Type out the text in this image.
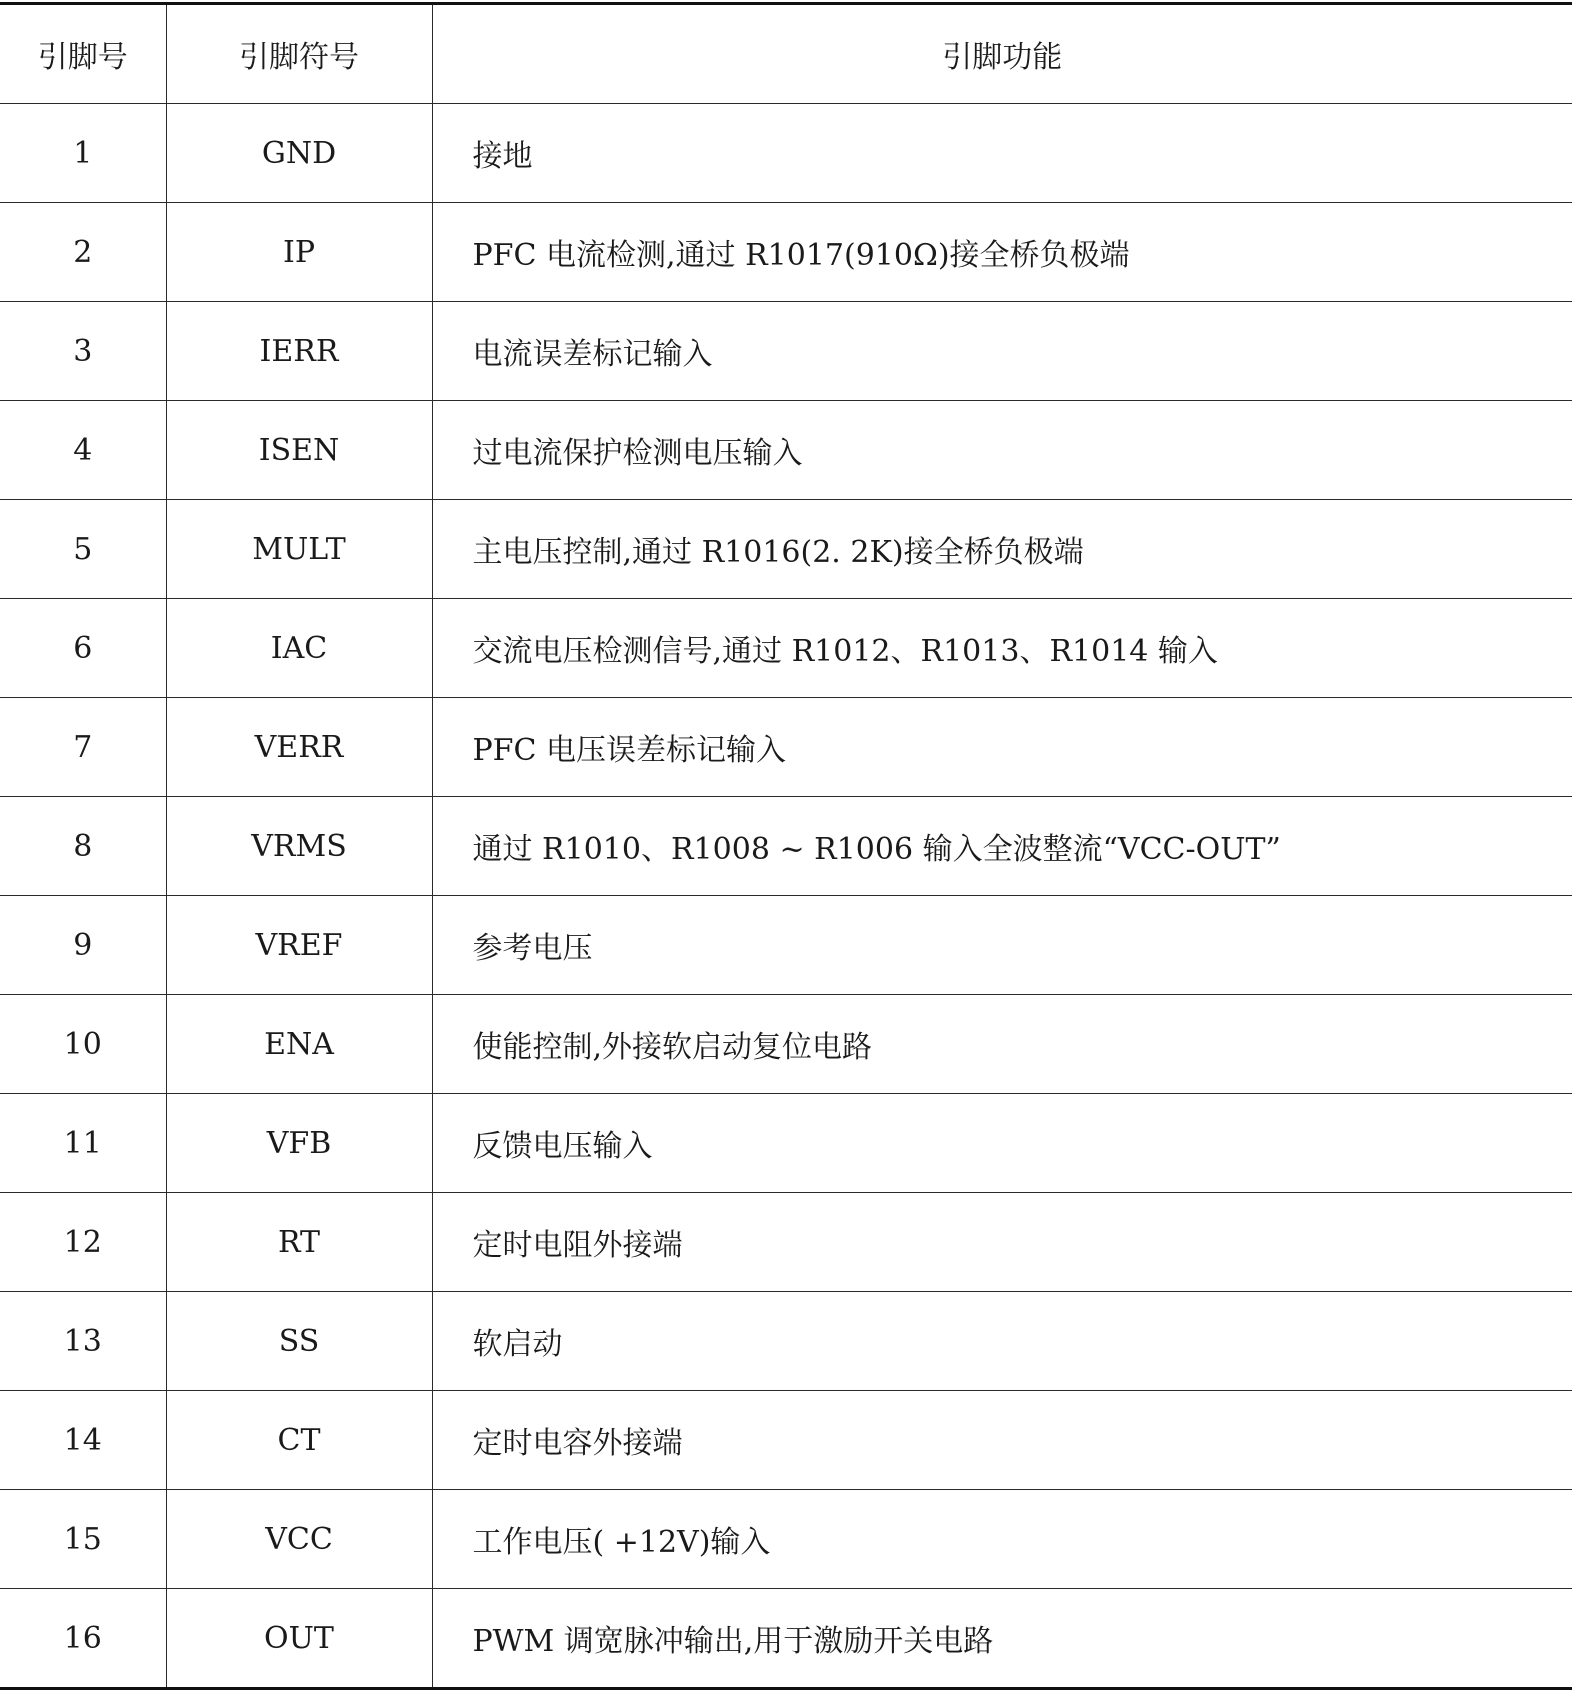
引脚号	引脚符号	引脚功能
1	GND	接地
2	IP	PFC 电流检测,通过 R1017(910Ω)接全桥负极端
3	IERR	电流误差标记输入
4	ISEN	过电流保护检测电压输入
5	MULT	主电压控制,通过 R1016(2. 2K)接全桥负极端
6	IAC	交流电压检测信号,通过 R1012、R1013、R1014 输入
7	VERR	PFC 电压误差标记输入
8	VRMS	通过 R1010、R1008 ~ R1006 输入全波整流“VCC-OUT”
9	VREF	参考电压
10	ENA	使能控制,外接软启动复位电路
11	VFB	反馈电压输入
12	RT	定时电阻外接端
13	SS	软启动
14	CT	定时电容外接端
15	VCC	工作电压( +12V)输入
16	OUT	PWM 调宽脉冲输出,用于激励开关电路
